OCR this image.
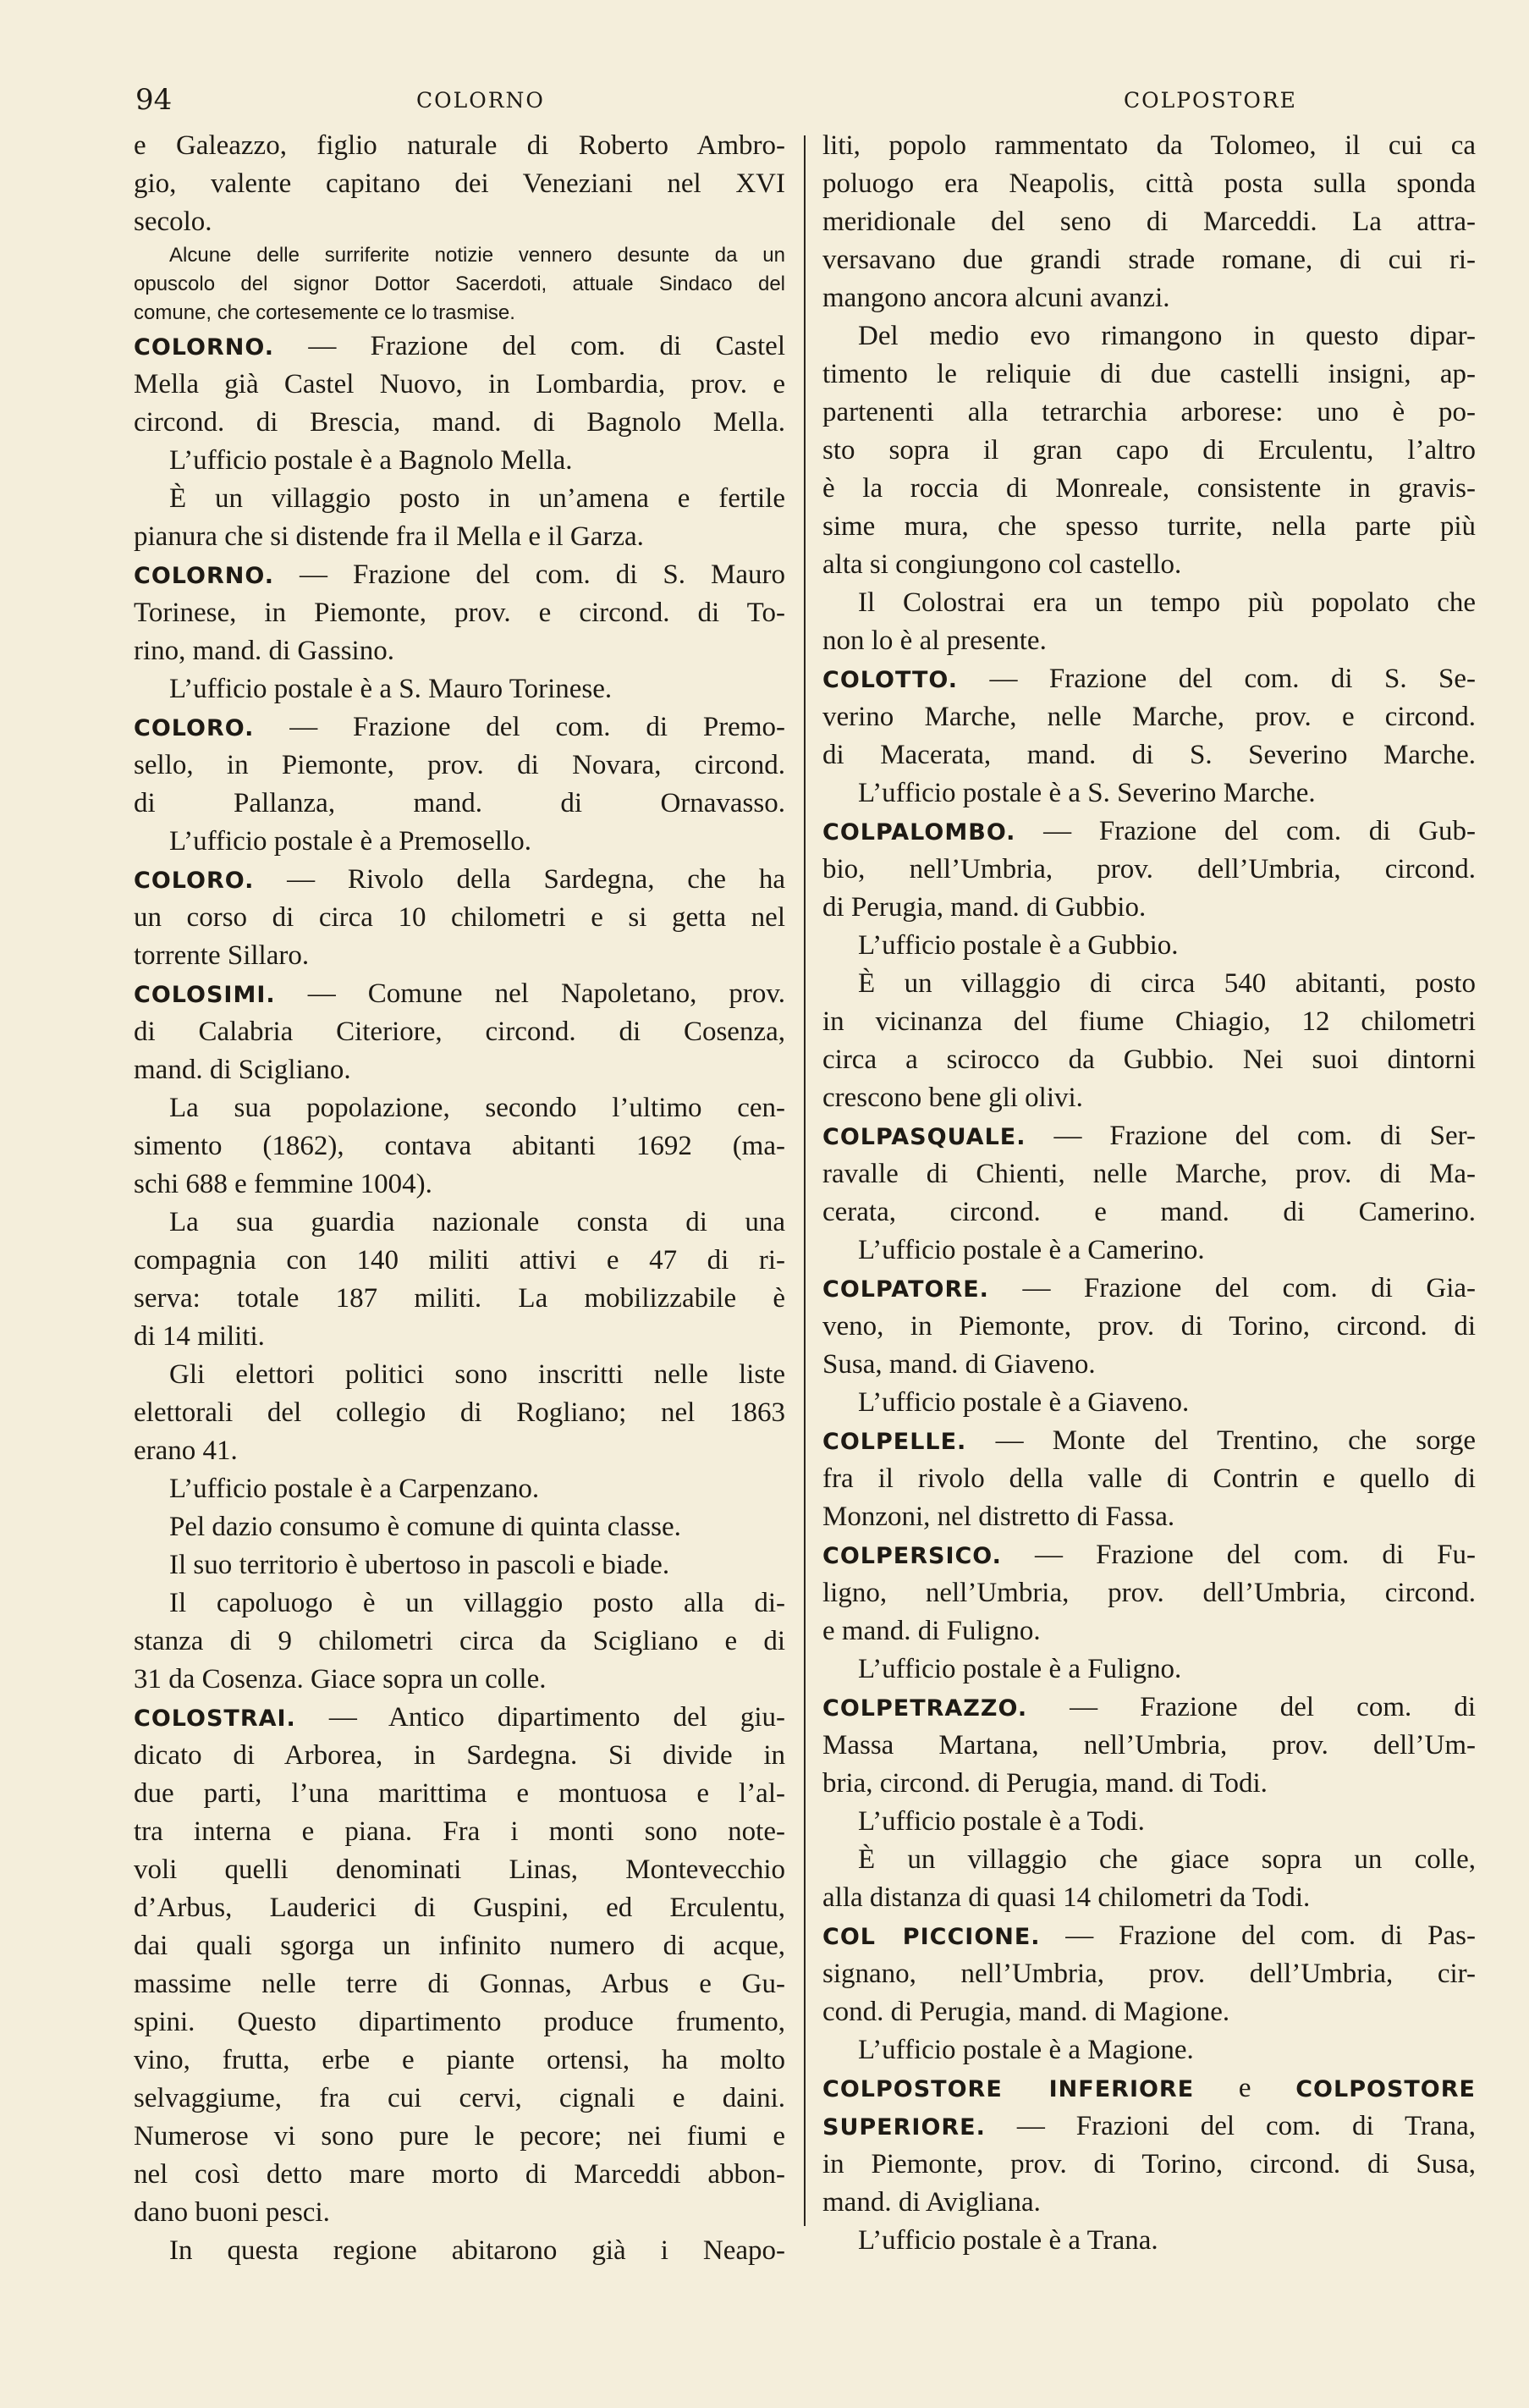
94	COLORNO	COLPOSTORE
e Galeazzo, figlio naturale di Roberto Ambro-
gio, valente capitano dei Veneziani nel XVI
secolo.
Alcune delle surriferite notizie vennero desunte da un
opuscolo del signor Dottor Sacerdoti, attuale Sindaco del
comune, che cortesemente ce lo trasmise.
COLORNO. — Frazione del com. di Castel
Mella già Castel Nuovo, in Lombardia, prov. e
circond. di Brescia, mand. di Bagnolo Mella.
L’ufficio postale è a Bagnolo Mella.
È un villaggio posto in un’amena e fertile
pianura che si distende fra il Mella e il Garza.
COLORNO. — Frazione del com. di S. Mauro
Torinese, in Piemonte, prov. e circond. di To-
rino, mand. di Gassino.
L’ufficio postale è a S. Mauro Torinese.
COLORO. — Frazione del com. di Premo-
sello, in Piemonte, prov. di Novara, circond.
di Pallanza, mand. di Ornavasso.
L’ufficio postale è a Premosello.
COLORO. — Rivolo della Sardegna, che ha
un corso di circa 10 chilometri e si getta nel
torrente Sillaro.
COLOSIMI. — Comune nel Napoletano, prov.
di Calabria Citeriore, circond. di Cosenza,
mand. di Scigliano.
La sua popolazione, secondo l’ultimo cen-
simento (1862), contava abitanti 1692 (ma-
schi 688 e femmine 1004).
La sua guardia nazionale consta di una
compagnia con 140 militi attivi e 47 di ri-
serva: totale 187 militi. La mobilizzabile è
di 14 militi.
Gli elettori politici sono inscritti nelle liste
elettorali del collegio di Rogliano; nel 1863
erano 41.
L’ufficio postale è a Carpenzano.
Pel dazio consumo è comune di quinta classe.
Il suo territorio è ubertoso in pascoli e biade.
Il capoluogo è un villaggio posto alla di-
stanza di 9 chilometri circa da Scigliano e di
31 da Cosenza. Giace sopra un colle.
COLOSTRAI. — Antico dipartimento del giu-
dicato di Arborea, in Sardegna. Si divide in
due parti, l’una marittima e montuosa e l’al-
tra interna e piana. Fra i monti sono note-
voli quelli denominati Linas, Montevecchio
d’Arbus, Lauderici di Guspini, ed Erculentu,
dai quali sgorga un infinito numero di acque,
massime nelle terre di Gonnas, Arbus e Gu-
spini. Questo dipartimento produce frumento,
vino, frutta, erbe e piante ortensi, ha molto
selvaggiume, fra cui cervi, cignali e daini.
Numerose vi sono pure le pecore; nei fiumi e
nel così detto mare morto di Marceddi abbon-
dano buoni pesci.
In questa regione abitarono già i Neapo-
liti, popolo rammentato da Tolomeo, il cui ca
poluogo era Neapolis, città posta sulla sponda
meridionale del seno di Marceddi. La attra-
versavano due grandi strade romane, di cui ri-
mangono ancora alcuni avanzi.
Del medio evo rimangono in questo dipar-
timento le reliquie di due castelli insigni, ap-
partenenti alla tetrarchia arborese: uno è po-
sto sopra il gran capo di Erculentu, l’altro
è la roccia di Monreale, consistente in gravis-
sime mura, che spesso turrite, nella parte più
alta si congiungono col castello.
Il Colostrai era un tempo più popolato che
non lo è al presente.
COLOTTO. — Frazione del com. di S. Se-
verino Marche, nelle Marche, prov. e circond.
di Macerata, mand. di S. Severino Marche.
L’ufficio postale è a S. Severino Marche.
COLPALOMBO. — Frazione del com. di Gub-
bio, nell’Umbria, prov. dell’Umbria, circond.
di Perugia, mand. di Gubbio.
L’ufficio postale è a Gubbio.
È un villaggio di circa 540 abitanti, posto
in vicinanza del fiume Chiagio, 12 chilometri
circa a scirocco da Gubbio. Nei suoi dintorni
crescono bene gli olivi.
COLPASQUALE. — Frazione del com. di Ser-
ravalle di Chienti, nelle Marche, prov. di Ma-
cerata, circond. e mand. di Camerino.
L’ufficio postale è a Camerino.
COLPATORE. — Frazione del com. di Gia-
veno, in Piemonte, prov. di Torino, circond. di
Susa, mand. di Giaveno.
L’ufficio postale è a Giaveno.
COLPELLE. — Monte del Trentino, che sorge
fra il rivolo della valle di Contrin e quello di
Monzoni, nel distretto di Fassa.
COLPERSICO. — Frazione del com. di Fu-
ligno, nell’Umbria, prov. dell’Umbria, circond.
e mand. di Fuligno.
L’ufficio postale è a Fuligno.
COLPETRAZZO. — Frazione del com. di
Massa Martana, nell’Umbria, prov. dell’Um-
bria, circond. di Perugia, mand. di Todi.
L’ufficio postale è a Todi.
È un villaggio che giace sopra un colle,
alla distanza di quasi 14 chilometri da Todi.
COL PICCIONE. — Frazione del com. di Pas-
signano, nell’Umbria, prov. dell’Umbria, cir-
cond. di Perugia, mand. di Magione.
L’ufficio postale è a Magione.
COLPOSTORE INFERIORE e COLPOSTORE
SUPERIORE. — Frazioni del com. di Trana,
in Piemonte, prov. di Torino, circond. di Susa,
mand. di Avigliana.
L’ufficio postale è a Trana.
